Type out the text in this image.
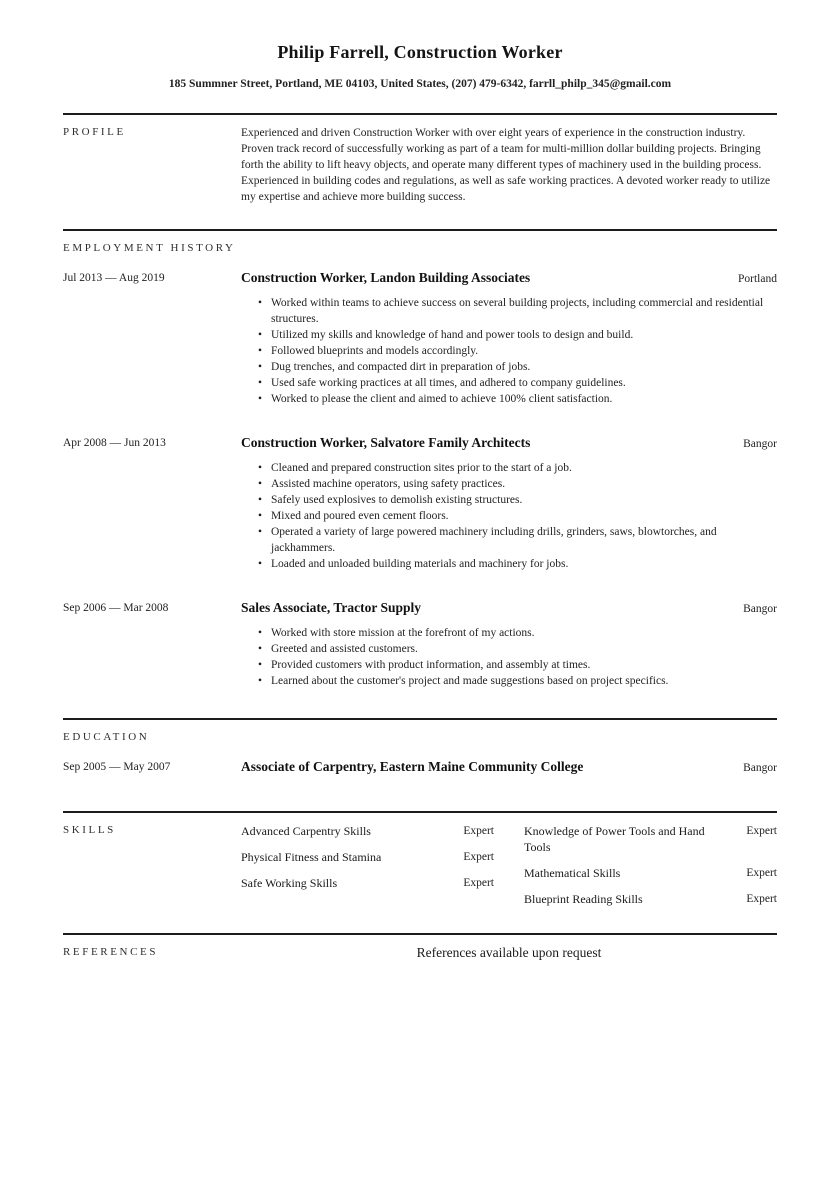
Philip Farrell, Construction Worker
185 Summner Street, Portland, ME 04103, United States, (207) 479-6342, farrll_philp_345@gmail.com
PROFILE	Experienced and driven Construction Worker with over eight years of experience in the construction industry. Proven track record of successfully working as part of a team for multi-million dollar building projects. Bringing forth the ability to lift heavy objects, and operate many different types of machinery used in the building process. Experienced in building codes and regulations, as well as safe working practices. A devoted worker ready to utilize my expertise and achieve more building success.

EMPLOYMENT HISTORY
Jul 2013 — Aug 2019	Construction Worker, Landon Building Associates	Portland
• Worked within teams to achieve success on several building projects, including commercial and residential structures.
• Utilized my skills and knowledge of hand and power tools to design and build.
• Followed blueprints and models accordingly.
• Dug trenches, and compacted dirt in preparation of jobs.
• Used safe working practices at all times, and adhered to company guidelines.
• Worked to please the client and aimed to achieve 100% client satisfaction.
Apr 2008 — Jun 2013	Construction Worker, Salvatore Family Architects	Bangor
• Cleaned and prepared construction sites prior to the start of a job.
• Assisted machine operators, using safety practices.
• Safely used explosives to demolish existing structures.
• Mixed and poured even cement floors.
• Operated a variety of large powered machinery including drills, grinders, saws, blowtorches, and jackhammers.
• Loaded and unloaded building materials and machinery for jobs.
Sep 2006 — Mar 2008	Sales Associate, Tractor Supply	Bangor
• Worked with store mission at the forefront of my actions.
• Greeted and assisted customers.
• Provided customers with product information, and assembly at times.
• Learned about the customer's project and made suggestions based on project specifics.
EDUCATION
Sep 2005 — May 2007	Associate of Carpentry, Eastern Maine Community College	Bangor
SKILLS	Advanced Carpentry Skills	Expert
Physical Fitness and Stamina	Expert
Safe Working Skills	Expert
Knowledge of Power Tools and Hand Tools
Expert
Mathematical Skills	Expert
Blueprint Reading Skills	Expert
REFERENCES	References available upon request
